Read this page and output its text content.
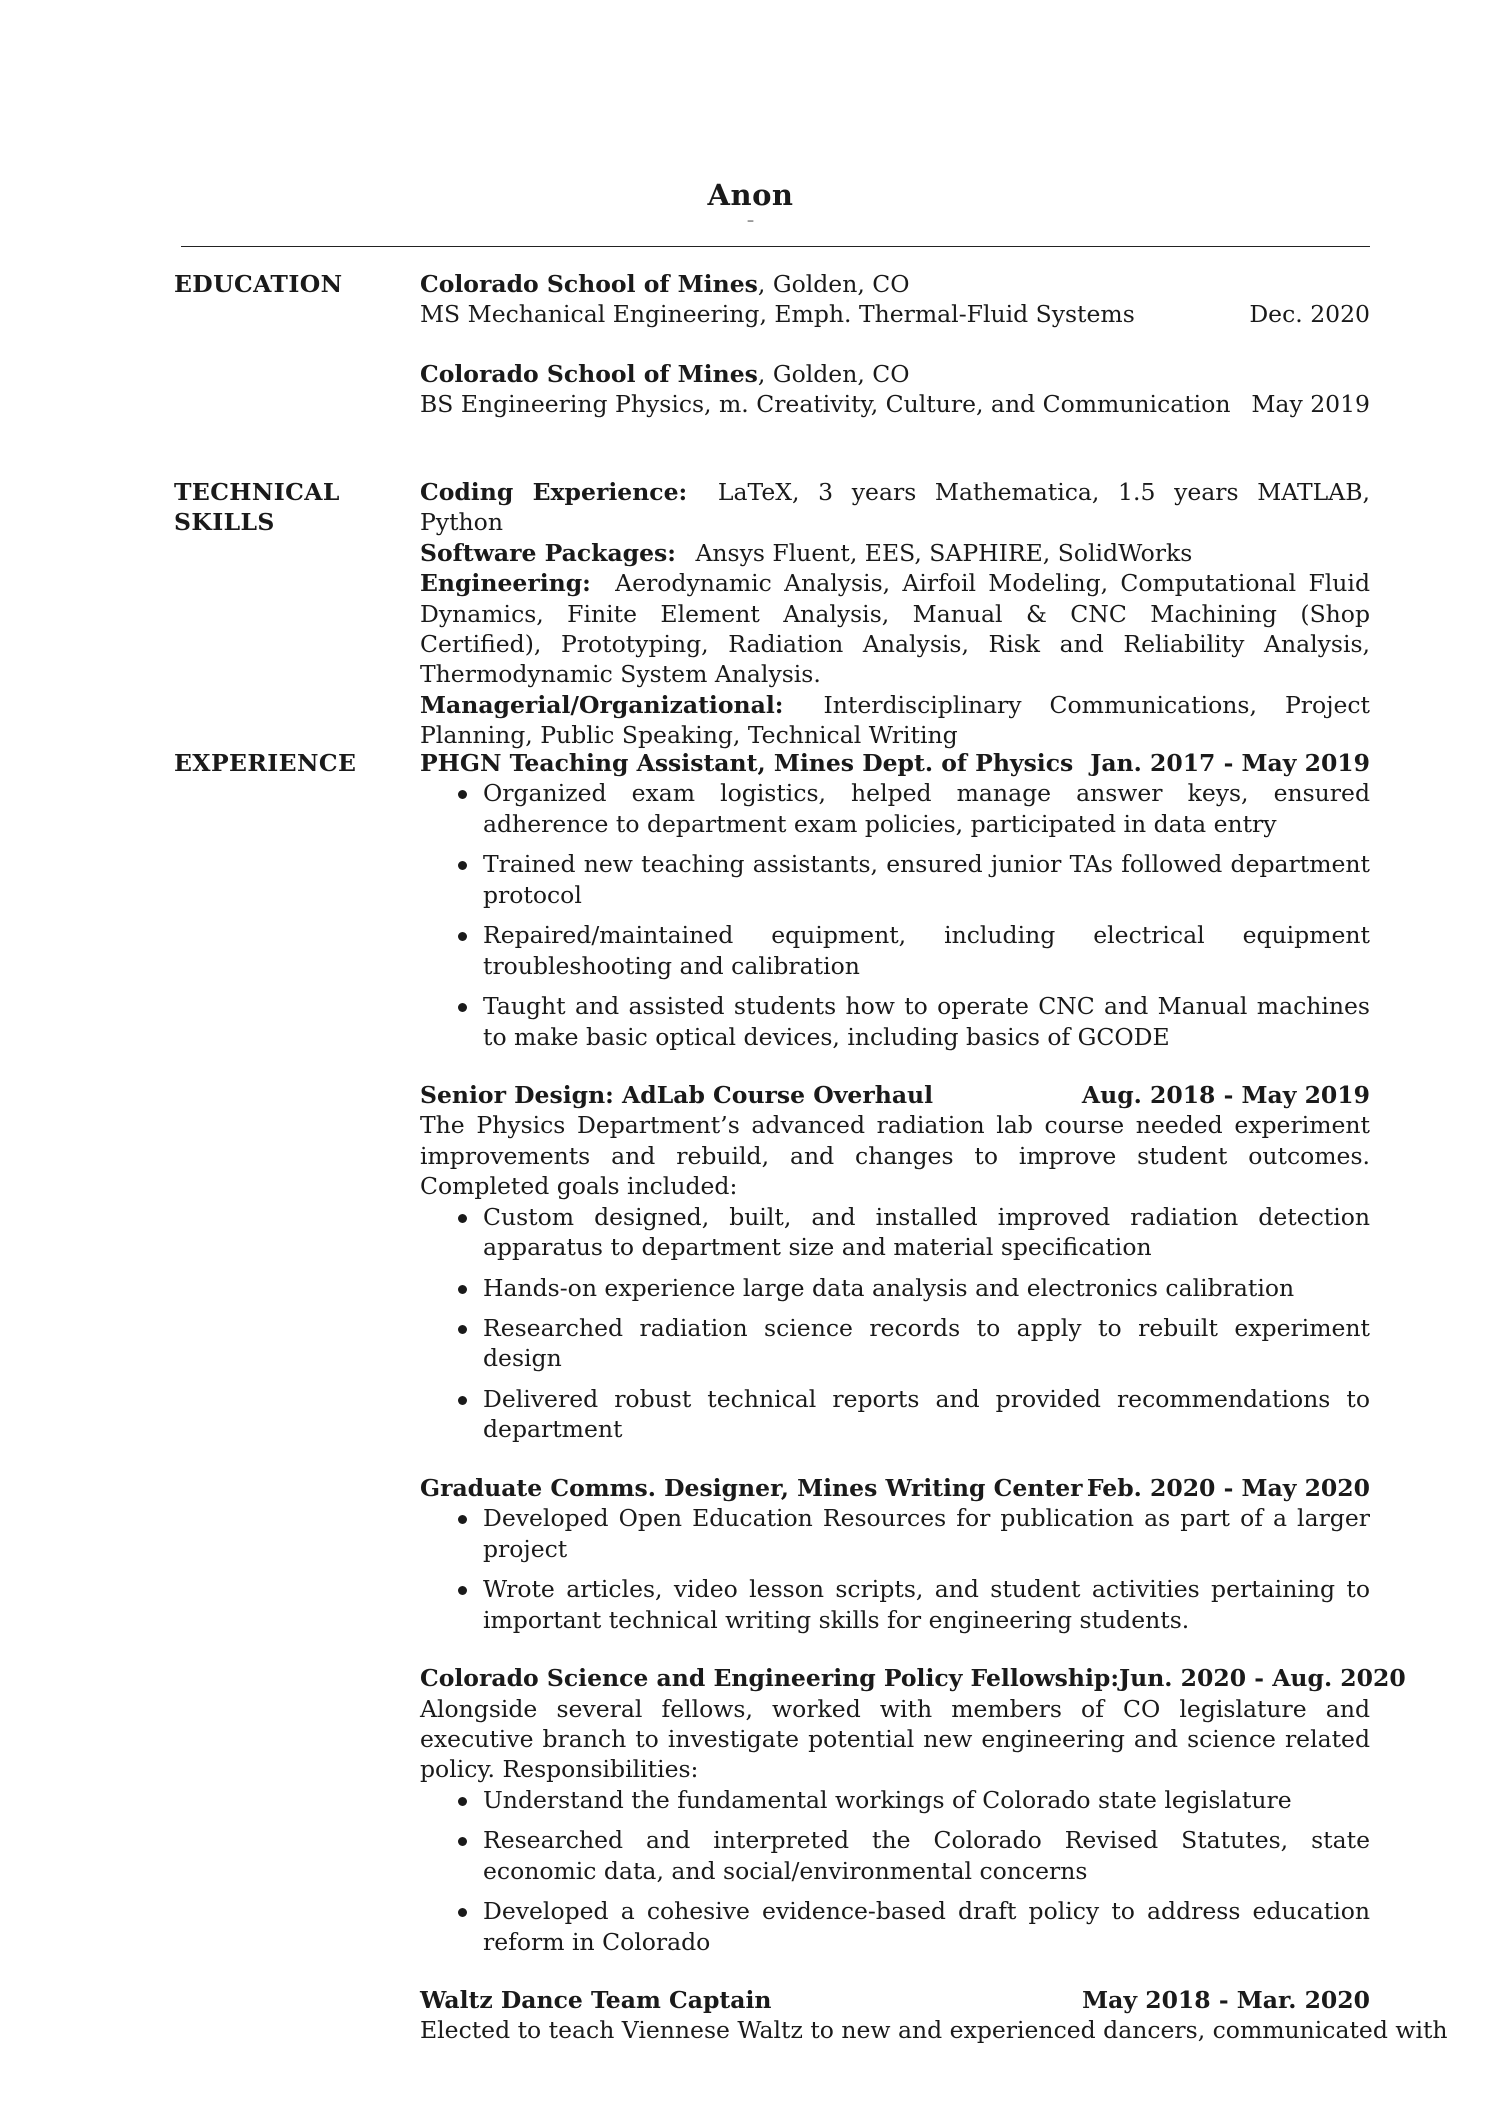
Anon
–
EDUCATION	Colorado School of Mines, Golden, CO
MS Mechanical Engineering, Emph. Thermal-Fluid Systems	Dec. 2020
Colorado School of Mines, Golden, CO
BS Engineering Physics, m. Creativity, Culture, and Communication May 2019
TECHNICAL
SKILLS
Coding Experience: LaTeX, 3 years Mathematica, 1.5 years MATLAB, Python
Software Packages: Ansys Fluent, EES, SAPHIRE, SolidWorks
Engineering: Aerodynamic Analysis, Airfoil Modeling, Computational Fluid Dynamics, Finite Element Analysis, Manual & CNC Machining (Shop Certified), Prototyping, Radiation Analysis, Risk and Reliability Analysis, Thermodynamic System Analysis.
Managerial/Organizational: Interdisciplinary Communications, Project Planning, Public Speaking, Technical Writing
EXPERIENCE	PHGN Teaching Assistant, Mines Dept. of Physics Jan. 2017 - May 2019
Organized exam logistics, helped manage answer keys, ensured adherence to department exam policies, participated in data entry
Trained new teaching assistants, ensured junior TAs followed department protocol
Repaired/maintained equipment, including electrical equipment troubleshooting and calibration
Taught and assisted students how to operate CNC and Manual machines to make basic optical devices, including basics of GCODE
Senior Design: AdLab Course Overhaul	Aug. 2018 - May 2019
The Physics Department’s advanced radiation lab course needed experiment improvements and rebuild, and changes to improve student outcomes. Completed goals included:
Custom designed, built, and installed improved radiation detection apparatus to department size and material specification
Hands-on experience large data analysis and electronics calibration
Researched radiation science records to apply to rebuilt experiment design
Delivered robust technical reports and provided recommendations to department
Graduate Comms. Designer, Mines Writing Center Feb. 2020 - May 2020
Developed Open Education Resources for publication as part of a larger project
Wrote articles, video lesson scripts, and student activities pertaining to important technical writing skills for engineering students.
Colorado Science and Engineering Policy Fellowship: Jun. 2020 - Aug. 2020
Alongside several fellows, worked with members of CO legislature and executive branch to investigate potential new engineering and science related policy. Responsibilities:
Understand the fundamental workings of Colorado state legislature
Researched and interpreted the Colorado Revised Statutes, state economic data, and social/environmental concerns
Developed a cohesive evidence-based draft policy to address education reform in Colorado
Waltz Dance Team Captain	May 2018 - Mar. 2020
Elected to teach Viennese Waltz to new and experienced dancers, communicated with
